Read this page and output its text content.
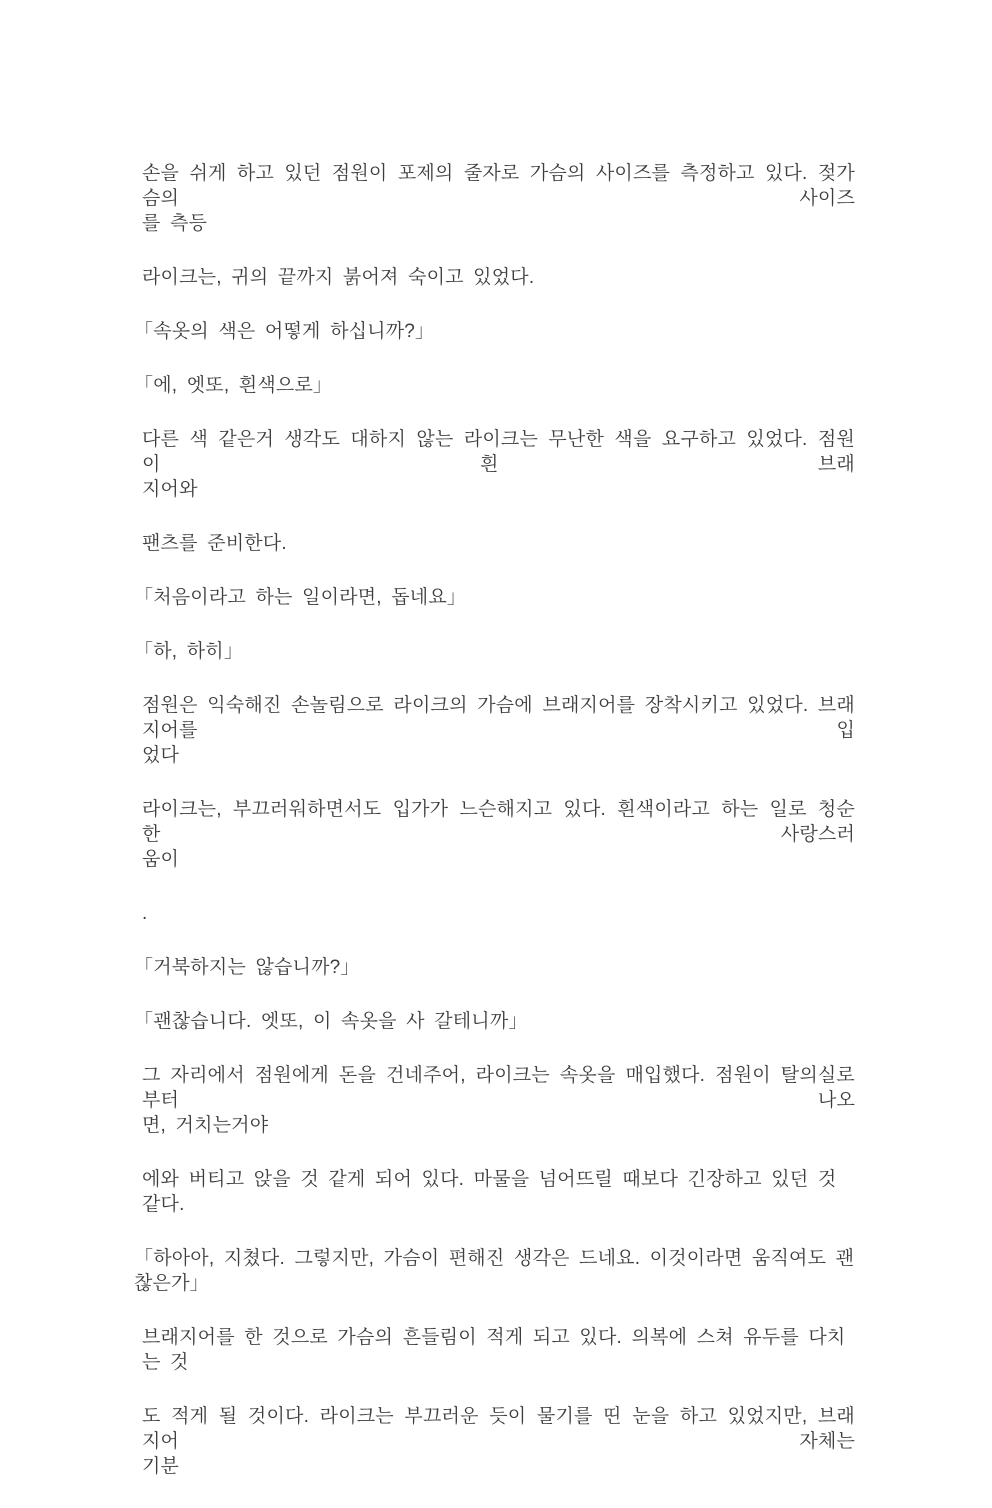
손을 쉬게 하고 있던 점원이 포제의 줄자로 가슴의 사이즈를 측정하고 있다. 젖가슴의 사이즈
를 측등

라이크는, 귀의 끝까지 붉어져 숙이고 있었다.

「속옷의 색은 어떻게 하십니까?」

「에, 엣또, 흰색으로」

다른 색 같은거 생각도 대하지 않는 라이크는 무난한 색을 요구하고 있었다. 점원이 흰 브래
지어와

팬츠를 준비한다.

「처음이라고 하는 일이라면, 돕네요」

「하, 하히」

점원은 익숙해진 손놀림으로 라이크의 가슴에 브래지어를 장착시키고 있었다. 브래지어를 입
었다

라이크는, 부끄러워하면서도 입가가 느슨해지고 있다. 흰색이라고 하는 일로 청순한 사랑스러
움이

.

「거북하지는 않습니까?」

「괜찮습니다. 엣또, 이 속옷을 사 갈테니까」

그 자리에서 점원에게 돈을 건네주어, 라이크는 속옷을 매입했다. 점원이 탈의실로부터 나오
면, 거치는거야

에와 버티고 앉을 것 같게 되어 있다. 마물을 넘어뜨릴 때보다 긴장하고 있던 것 같다.

「하아아, 지쳤다. 그렇지만, 가슴이 편해진 생각은 드네요. 이것이라면 움직여도 괜찮은가」

브래지어를 한 것으로 가슴의 흔들림이 적게 되고 있다. 의복에 스쳐 유두를 다치는 것

도 적게 될 것이다. 라이크는 부끄러운 듯이 물기를 띤 눈을 하고 있었지만, 브래지어 자체는
기분
